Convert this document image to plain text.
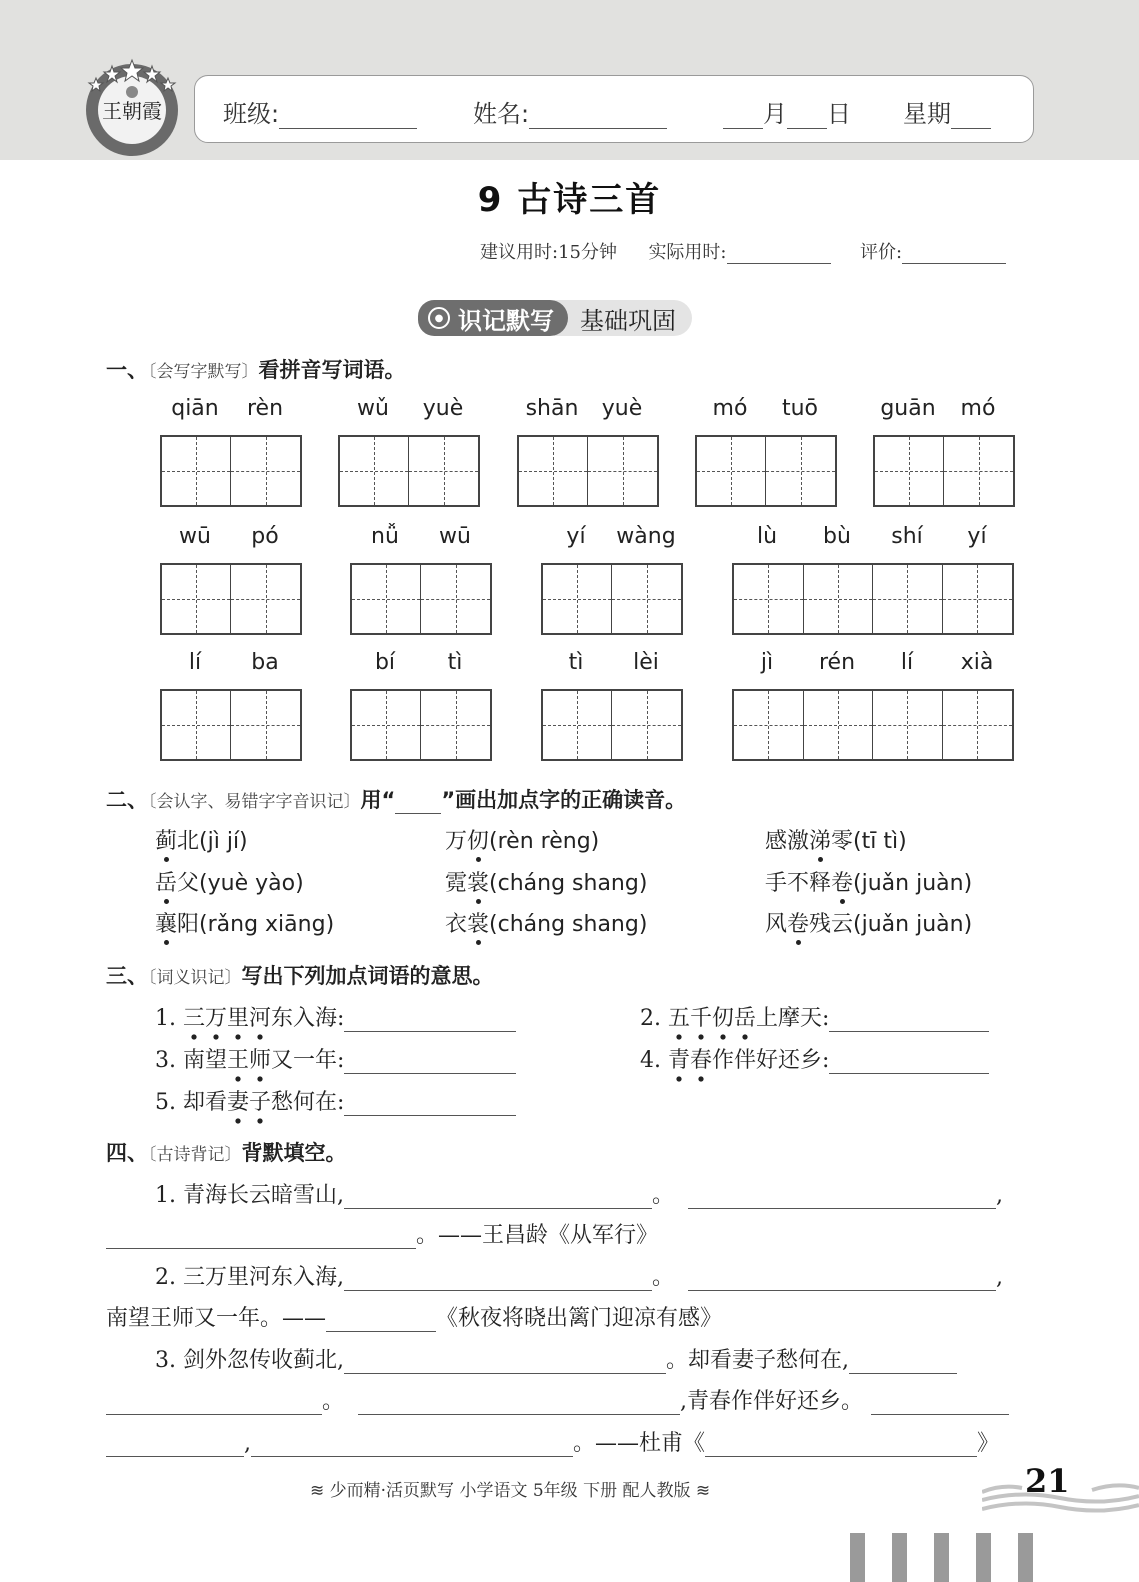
王朝霞	班级:	姓名:	月 日 星期
9 古诗三首
建议用时:15分钟 实际用时:	评价:
● 识记默写 基础巩固
一、〔会写字默写〕看拼音写词语。
qiān	rèn	wǔ	yuè	shān	yuè	mó	tuō	guān	mó
wū	pó	nǚ	wū	yí	wàng	lù	bù	shí	yí
lí	ba	bí	tì	tì	lèi	jì	rén	lí	xià
二、〔会认字、易错字字音识记〕用“ ”画出加点字的正确读音。
蓟北(jì jí)	万仞(rèn rèng)	感激涕零(tī tì)
岳父(yuè yào)	霓裳(cháng shang)	手不释卷(juǎn juàn)
襄阳(rǎng xiāng)	衣裳(cháng shang)	风卷残云(juǎn juàn)
三、〔词义识记〕写出下列加点词语的意思。
1. 三万里河东入海:	2. 五千仞岳上摩天:
3. 南望王师又一年:	4. 青春作伴好还乡:
5. 却看妻子愁何在:
四、〔古诗背记〕背默填空。
1. 青海长云暗雪山,	。	,
。——王昌龄《从军行》
2. 三万里河东入海,	。	,
南望王师又一年。——	《秋夜将晓出篱门迎凉有感》
3. 剑外忽传收蓟北,	。却看妻子愁何在,
。	,青春作伴好还乡。
,	。——杜甫《	》
≋ 少而精·活页默写 小学语文 5年级 下册 配人教版 ≋	21
